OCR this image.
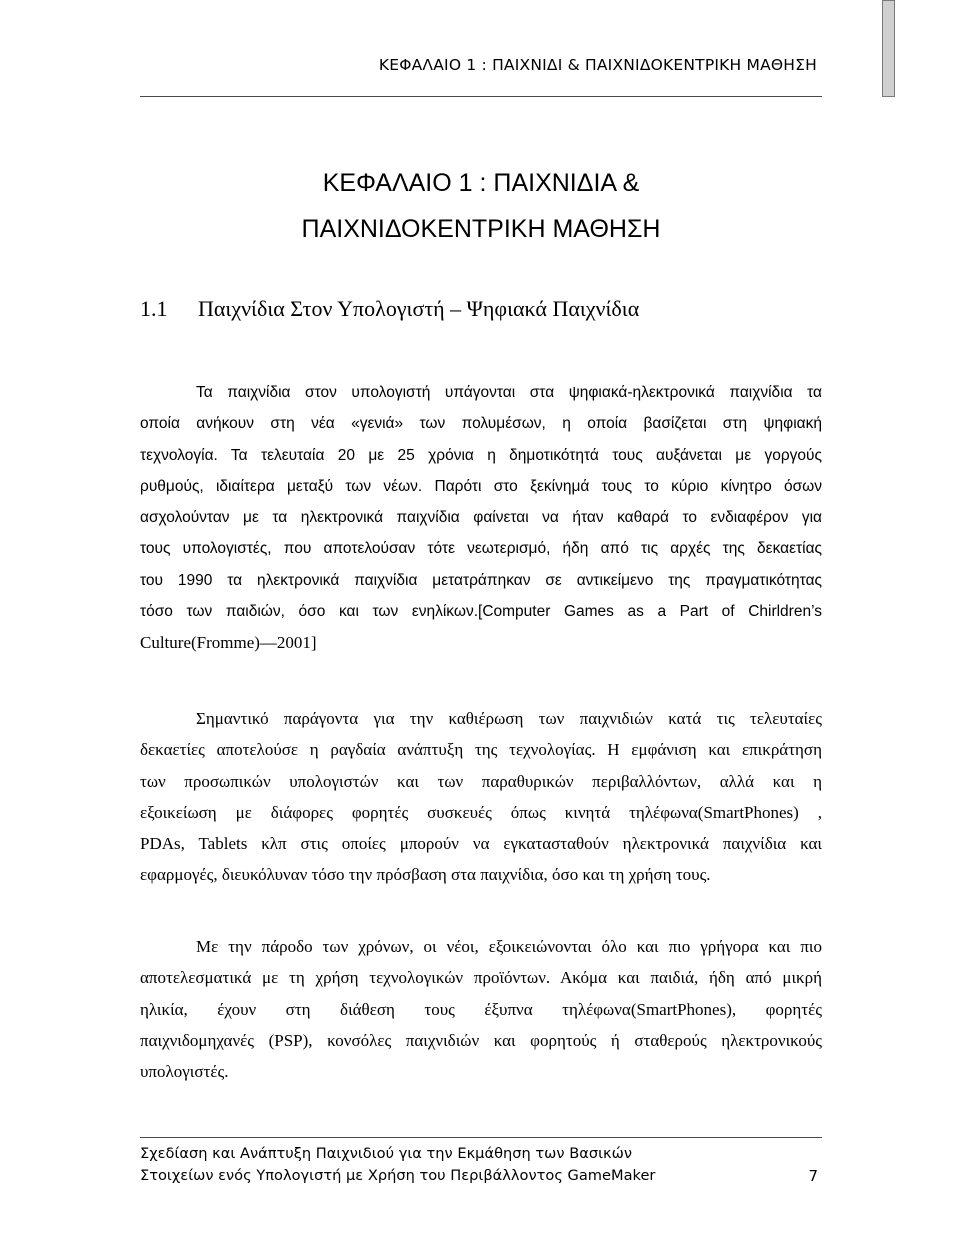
ΚΕΦΑΛΑΙΟ 1 : ΠΑΙΧΝΙΔΙ & ΠΑΙΧΝΙΔΟΚΕΝΤΡΙΚΗ ΜΑΘΗΣΗ
ΚΕΦΑΛΑΙΟ 1 : ΠΑΙΧΝΙΔΙΑ &
ΠΑΙΧΝΙΔΟΚΕΝΤΡΙΚΗ ΜΑΘΗΣΗ
1.1 Παιχνίδια Στον Υπολογιστή – Ψηφιακά Παιχνίδια
Τα παιχνίδια στον υπολογιστή υπάγονται στα ψηφιακά-ηλεκτρονικά παιχνίδια τα
οποία ανήκουν στη νέα «γενιά» των πολυμέσων, η οποία βασίζεται στη ψηφιακή
τεχνολογία. Τα τελευταία 20 με 25 χρόνια η δημοτικότητά τους αυξάνεται με γοργούς
ρυθμούς, ιδιαίτερα μεταξύ των νέων. Παρότι στο ξεκίνημά τους το κύριο κίνητρο όσων
ασχολούνταν με τα ηλεκτρονικά παιχνίδια φαίνεται να ήταν καθαρά το ενδιαφέρον για
τους υπολογιστές, που αποτελούσαν τότε νεωτερισμό, ήδη από τις αρχές της δεκαετίας
του 1990 τα ηλεκτρονικά παιχνίδια μετατράπηκαν σε αντικείμενο της πραγματικότητας
τόσο των παιδιών, όσο και των ενηλίκων.[Computer Games as a Part of Chirldren’s
Culture(Fromme)—2001]
Σημαντικό παράγοντα για την καθιέρωση των παιχνιδιών κατά τις τελευταίες
δεκαετίες αποτελούσε η ραγδαία ανάπτυξη της τεχνολογίας. Η εμφάνιση και επικράτηση
των προσωπικών υπολογιστών και των παραθυρικών περιβαλλόντων, αλλά και η
εξοικείωση με διάφορες φορητές συσκευές όπως κινητά τηλέφωνα(SmartPhones) ,
PDAs, Tablets κλπ στις οποίες μπορούν να εγκατασταθούν ηλεκτρονικά παιχνίδια και
εφαρμογές, διευκόλυναν τόσο την πρόσβαση στα παιχνίδια, όσο και τη χρήση τους.
Με την πάροδο των χρόνων, οι νέοι, εξοικειώνονται όλο και πιο γρήγορα και πιο
αποτελεσματικά με τη χρήση τεχνολογικών προϊόντων. Ακόμα και παιδιά, ήδη από μικρή
ηλικία, έχουν στη διάθεση τους έξυπνα τηλέφωνα(SmartPhones), φορητές
παιχνιδομηχανές (PSP), κονσόλες παιχνιδιών και φορητούς ή σταθερούς ηλεκτρονικούς
υπολογιστές.
Σχεδίαση και Ανάπτυξη Παιχνιδιού για την Εκμάθηση των Βασικών
Στοιχείων ενός Υπολογιστή με Χρήση του Περιβάλλοντος GameMaker	7
